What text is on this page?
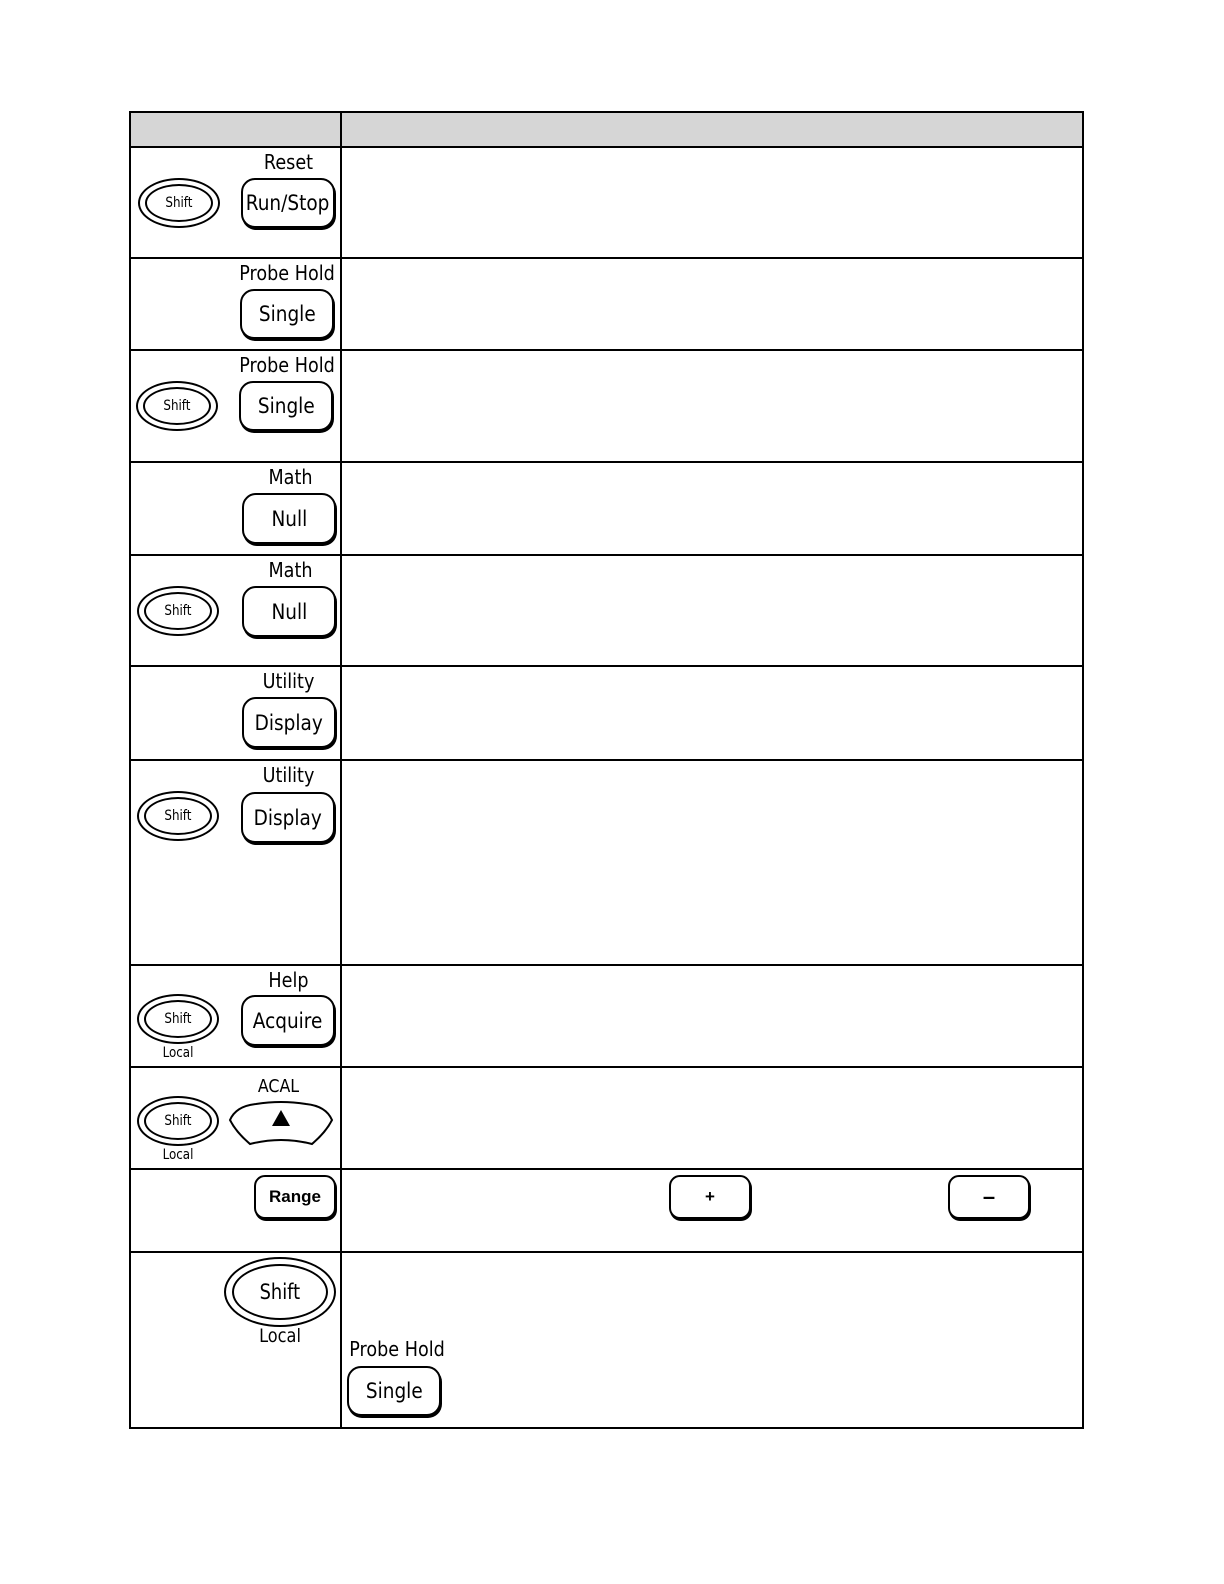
Shift
Reset
Run/Stop
Probe Hold
Single
Shift
Probe Hold
Single
Math
Null
Shift
Math
Null
Utility
Display
Shift
Utility
Display
Shift
Local
Help
Acquire
Shift
Local
ACAL
Range	+	–
Shift
Local
Probe Hold
Single
